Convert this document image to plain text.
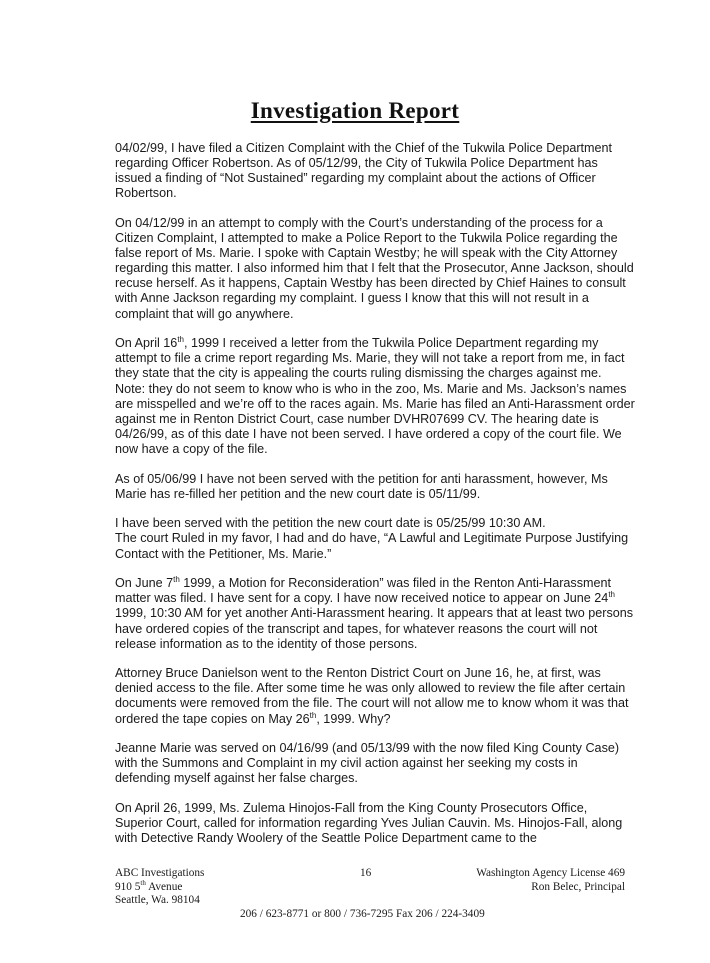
Investigation Report

04/02/99, I have filed a Citizen Complaint with the Chief of the Tukwila Police Department regarding Officer Robertson. As of 05/12/99, the City of Tukwila Police Department has issued a finding of “Not Sustained” regarding my complaint about the actions of Officer Robertson.

On 04/12/99 in an attempt to comply with the Court’s understanding of the process for a Citizen Complaint, I attempted to make a Police Report to the Tukwila Police regarding the false report of Ms. Marie. I spoke with Captain Westby; he will speak with the City Attorney regarding this matter. I also informed him that I felt that the Prosecutor, Anne Jackson, should recuse herself. As it happens, Captain Westby has been directed by Chief Haines to consult with Anne Jackson regarding my complaint. I guess I know that this will not result in a complaint that will go anywhere.

On April 16th, 1999 I received a letter from the Tukwila Police Department regarding my attempt to file a crime report regarding Ms. Marie, they will not take a report from me, in fact they state that the city is appealing the courts ruling dismissing the charges against me. Note: they do not seem to know who is who in the zoo, Ms. Marie and Ms. Jackson’s names are misspelled and we’re off to the races again. Ms. Marie has filed an Anti-Harassment order against me in Renton District Court, case number DVHR07699 CV. The hearing date is 04/26/99, as of this date I have not been served. I have ordered a copy of the court file. We now have a copy of the file.

As of 05/06/99 I have not been served with the petition for anti harassment, however, Ms Marie has re-filled her petition and the new court date is 05/11/99.

I have been served with the petition the new court date is 05/25/99 10:30 AM.
The court Ruled in my favor, I had and do have, “A Lawful and Legitimate Purpose Justifying Contact with the Petitioner, Ms. Marie.”

On June 7th 1999, a Motion for Reconsideration” was filed in the Renton Anti-Harassment matter was filed. I have sent for a copy. I have now received notice to appear on June 24th 1999, 10:30 AM for yet another Anti-Harassment hearing. It appears that at least two persons have ordered copies of the transcript and tapes, for whatever reasons the court will not release information as to the identity of those persons.

Attorney Bruce Danielson went to the Renton District Court on June 16, he, at first, was denied access to the file. After some time he was only allowed to review the file after certain documents were removed from the file. The court will not allow me to know whom it was that ordered the tape copies on May 26th, 1999. Why?

Jeanne Marie was served on 04/16/99 (and 05/13/99 with the now filed King County Case) with the Summons and Complaint in my civil action against her seeking my costs in defending myself against her false charges.

On April 26, 1999, Ms. Zulema Hinojos-Fall from the King County Prosecutors Office, Superior Court, called for information regarding Yves Julian Cauvin. Ms. Hinojos-Fall, along with Detective Randy Woolery of the Seattle Police Department came to the

ABC Investigations
910 5th Avenue
Seattle, Wa. 98104
16	Washington Agency License 469
Ron Belec, Principal
206 / 623-8771 or 800 / 736-7295 Fax 206 / 224-3409
